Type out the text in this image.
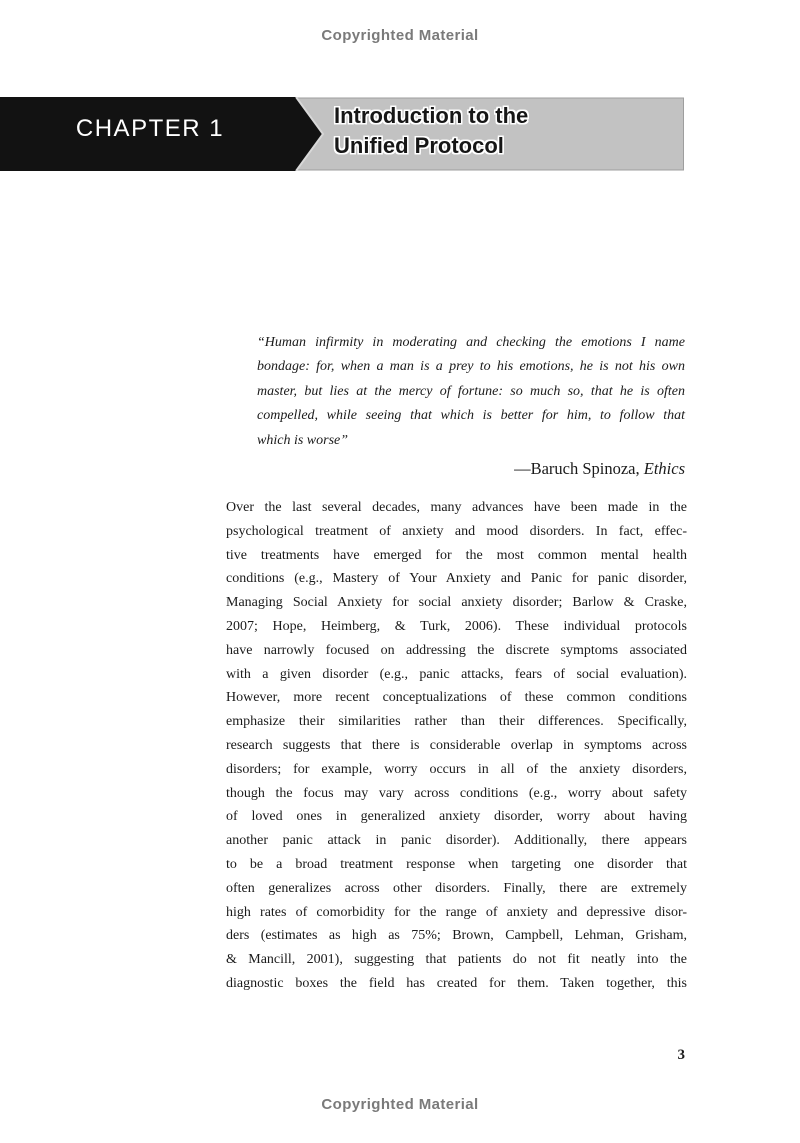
Copyrighted Material
CHAPTER 1	Introduction to the
Unified Protocol
“Human infirmity in moderating and checking the emotions I name
bondage: for, when a man is a prey to his emotions, he is not his own
master, but lies at the mercy of fortune: so much so, that he is often
compelled, while seeing that which is better for him, to follow that
which is worse”
—Baruch Spinoza, Ethics
Over the last several decades, many advances have been made in the
psychological treatment of anxiety and mood disorders. In fact, effec-
tive treatments have emerged for the most common mental health
conditions (e.g., Mastery of Your Anxiety and Panic for panic disorder,
Managing Social Anxiety for social anxiety disorder; Barlow & Craske,
2007; Hope, Heimberg, & Turk, 2006). These individual protocols
have narrowly focused on addressing the discrete symptoms associated
with a given disorder (e.g., panic attacks, fears of social evaluation).
However, more recent conceptualizations of these common conditions
emphasize their similarities rather than their differences. Specifically,
research suggests that there is considerable overlap in symptoms across
disorders; for example, worry occurs in all of the anxiety disorders,
though the focus may vary across conditions (e.g., worry about safety
of loved ones in generalized anxiety disorder, worry about having
another panic attack in panic disorder). Additionally, there appears
to be a broad treatment response when targeting one disorder that
often generalizes across other disorders. Finally, there are extremely
high rates of comorbidity for the range of anxiety and depressive disor-
ders (estimates as high as 75%; Brown, Campbell, Lehman, Grisham,
& Mancill, 2001), suggesting that patients do not fit neatly into the
diagnostic boxes the field has created for them. Taken together, this
3
Copyrighted Material
